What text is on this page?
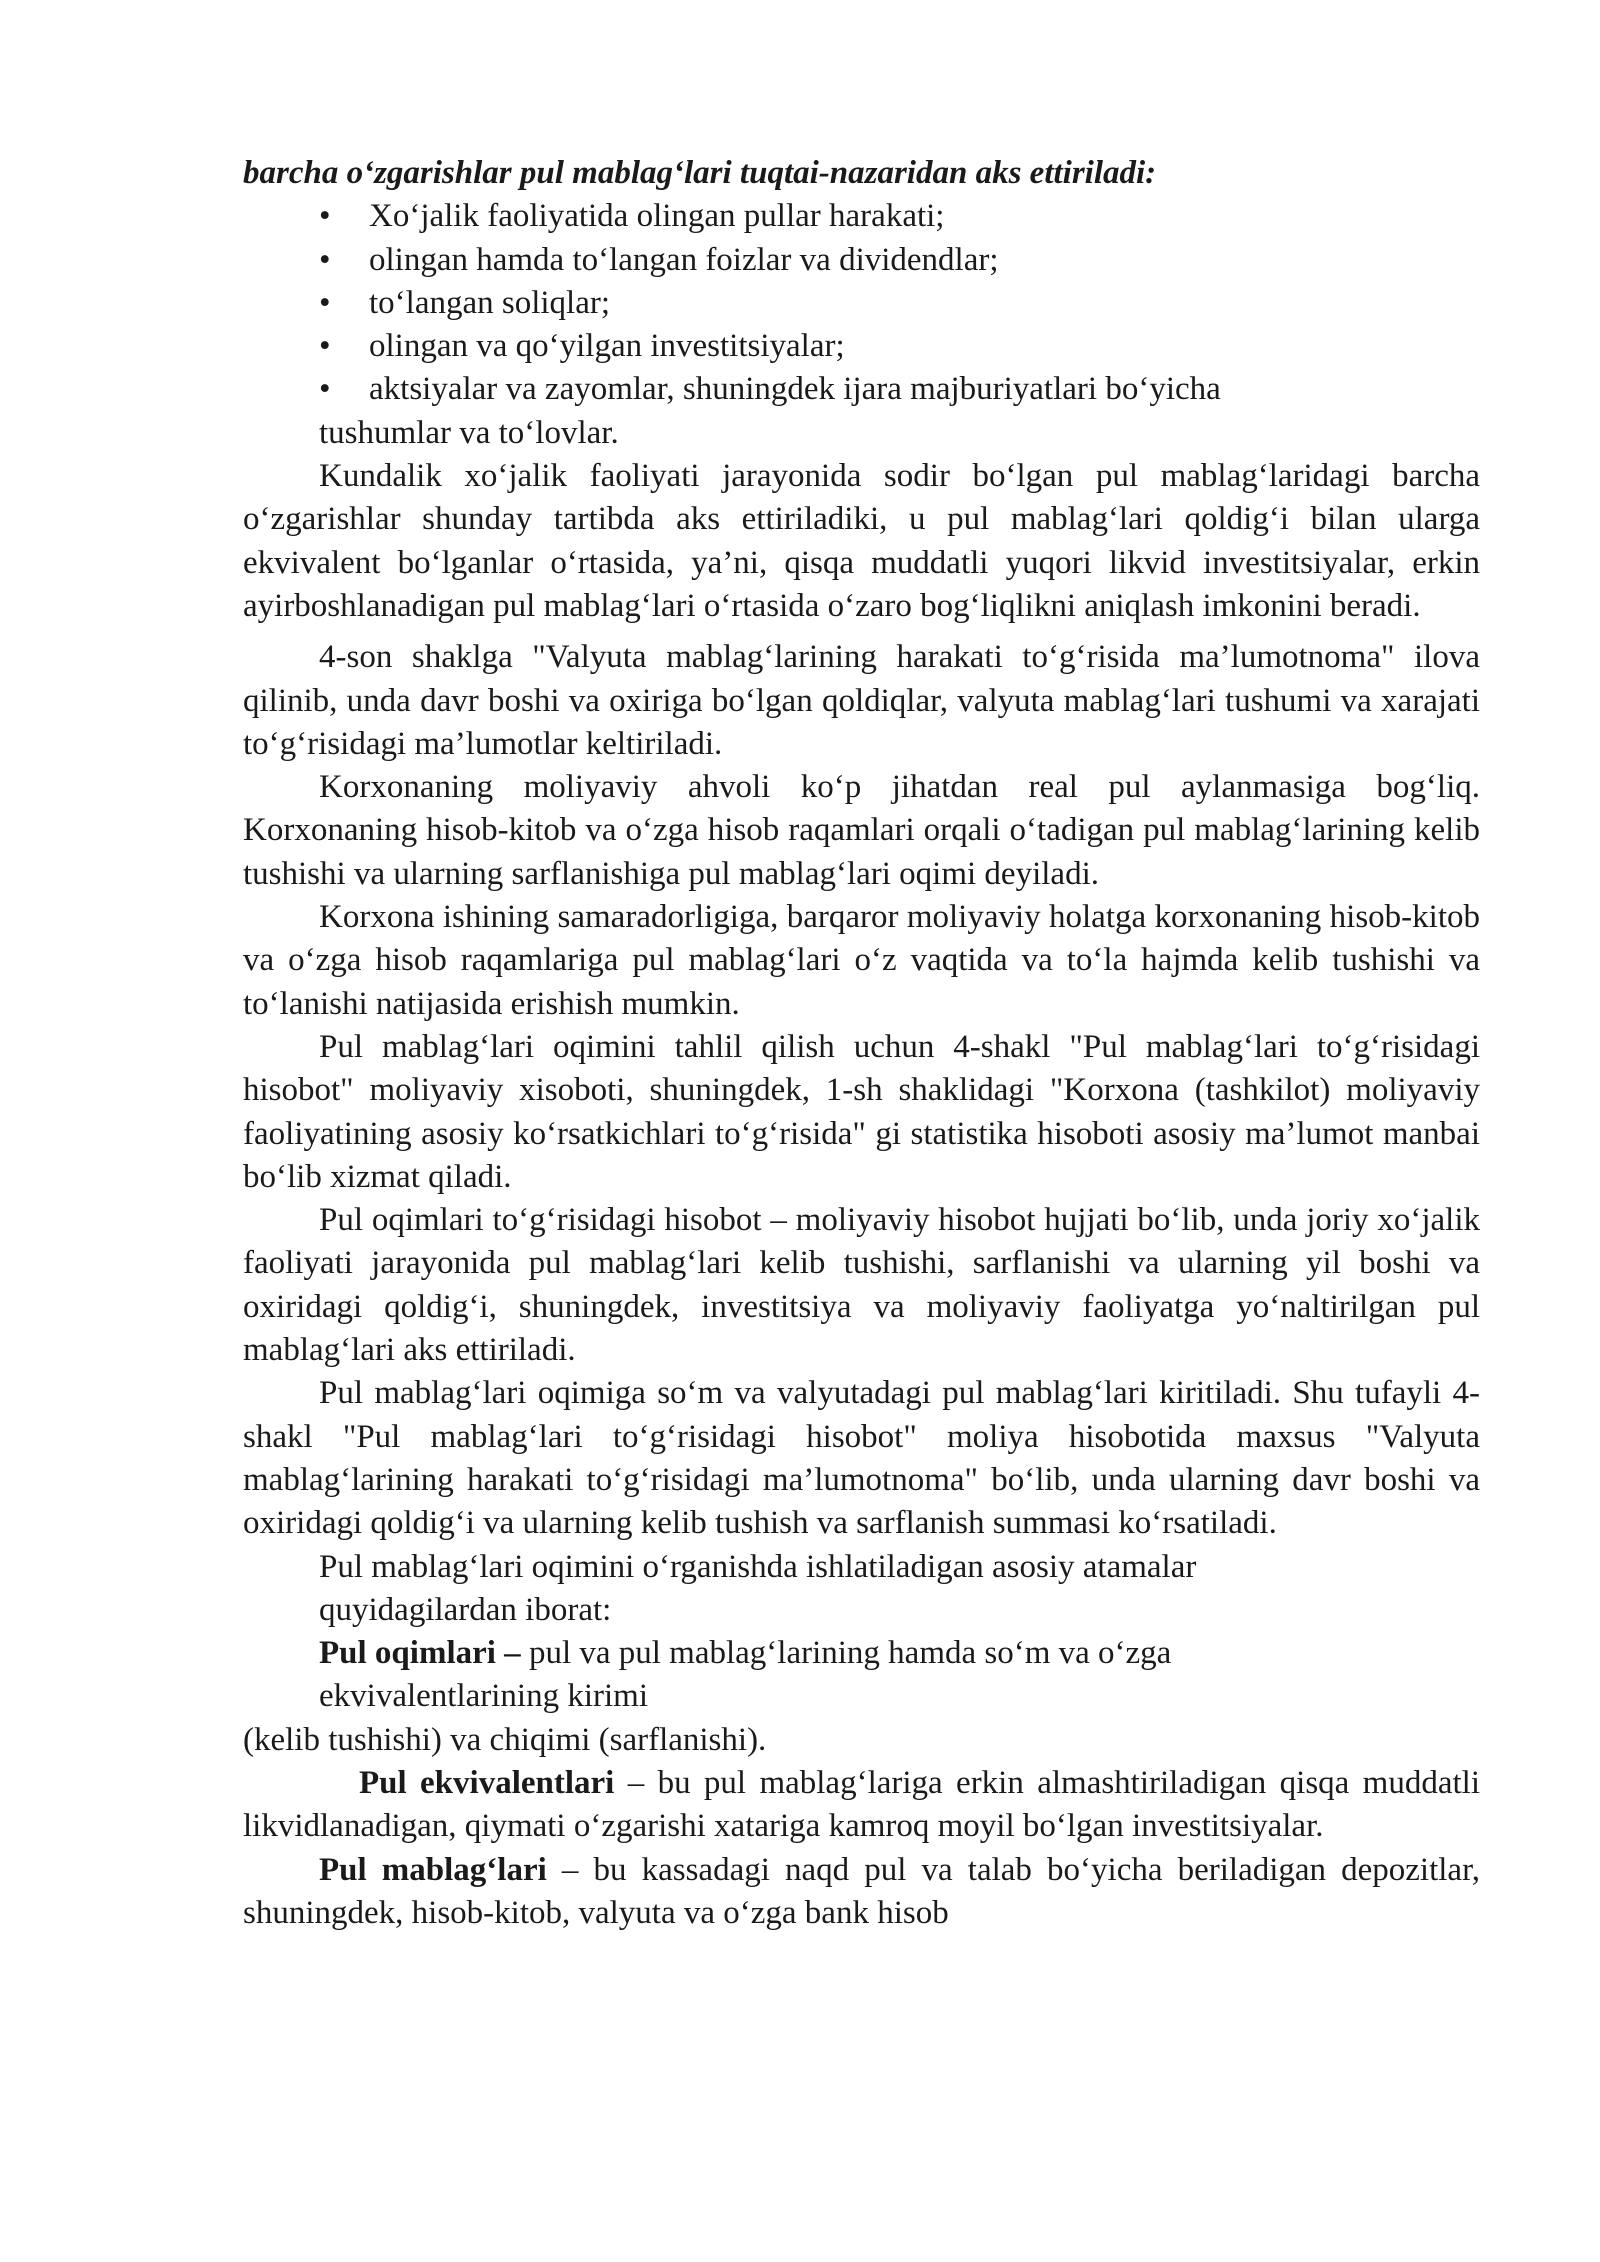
barcha o‘zgarishlar pul mablag‘lari tuqtai-nazaridan aks ettiriladi:
•	Xo‘jalik faoliyatida olingan pullar harakati;
•	olingan hamda to‘langan foizlar va dividendlar;
•	to‘langan soliqlar;
•	olingan va qo‘yilgan investitsiyalar;
•	aktsiyalar va zayomlar, shuningdek ijara majburiyatlari bo‘yicha
tushumlar va to‘lovlar.

Kundalik xo‘jalik faoliyati jarayonida sodir bo‘lgan pul mablag‘laridagi barcha o‘zgarishlar shunday tartibda aks ettiriladiki, u pul mablag‘lari qoldig‘i bilan ularga ekvivalent bo‘lganlar o‘rtasida, ya’ni, qisqa muddatli yuqori likvid investitsiyalar, erkin ayirboshlanadigan pul mablag‘lari o‘rtasida o‘zaro bog‘liqlikni aniqlash imkonini beradi.

4-son shaklga "Valyuta mablag‘larining harakati to‘g‘risida ma’lumotnoma" ilova qilinib, unda davr boshi va oxiriga bo‘lgan qoldiqlar, valyuta mablag‘lari tushumi va xarajati to‘g‘risidagi ma’lumotlar keltiriladi.

Korxonaning moliyaviy ahvoli ko‘p jihatdan real pul aylanmasiga bog‘liq. Korxonaning hisob-kitob va o‘zga hisob raqamlari orqali o‘tadigan pul mablag‘larining kelib tushishi va ularning sarflanishiga pul mablag‘lari oqimi deyiladi.

Korxona ishining samaradorligiga, barqaror moliyaviy holatga korxonaning hisob-kitob va o‘zga hisob raqamlariga pul mablag‘lari o‘z vaqtida va to‘la hajmda kelib tushishi va to‘lanishi natijasida erishish mumkin.

Pul mablag‘lari oqimini tahlil qilish uchun 4-shakl "Pul mablag‘lari to‘g‘risidagi hisobot" moliyaviy xisoboti, shuningdek, 1-sh shaklidagi "Korxona (tashkilot) moliyaviy faoliyatining asosiy ko‘rsatkichlari to‘g‘risida" gi statistika hisoboti asosiy ma’lumot manbai bo‘lib xizmat qiladi.

Pul oqimlari to‘g‘risidagi hisobot – moliyaviy hisobot hujjati bo‘lib, unda joriy xo‘jalik faoliyati jarayonida pul mablag‘lari kelib tushishi, sarflanishi va ularning yil boshi va oxiridagi qoldig‘i, shuningdek, investitsiya va moliyaviy faoliyatga yo‘naltirilgan pul mablag‘lari aks ettiriladi.

Pul mablag‘lari oqimiga so‘m va valyutadagi pul mablag‘lari kiritiladi. Shu tufayli 4-shakl "Pul mablag‘lari to‘g‘risidagi hisobot" moliya hisobotida maxsus "Valyuta mablag‘larining harakati to‘g‘risidagi ma’lumotnoma" bo‘lib, unda ularning davr boshi va oxiridagi qoldig‘i va ularning kelib tushish va sarflanish summasi ko‘rsatiladi.

Pul mablag‘lari oqimini o‘rganishda ishlatiladigan asosiy atamalar
quyidagilardan iborat:
Pul oqimlari – pul va pul mablag‘larining hamda so‘m va o‘zga
ekvivalentlarining kirimi
(kelib tushishi) va chiqimi (sarflanishi).

Pul ekvivalentlari – bu pul mablag‘lariga erkin almashtiriladigan qisqa muddatli likvidlanadigan, qiymati o‘zgarishi xatariga kamroq moyil bo‘lgan investitsiyalar.

Pul mablag‘lari – bu kassadagi naqd pul va talab bo‘yicha beriladigan depozitlar, shuningdek, hisob-kitob, valyuta va o‘zga bank hisob
